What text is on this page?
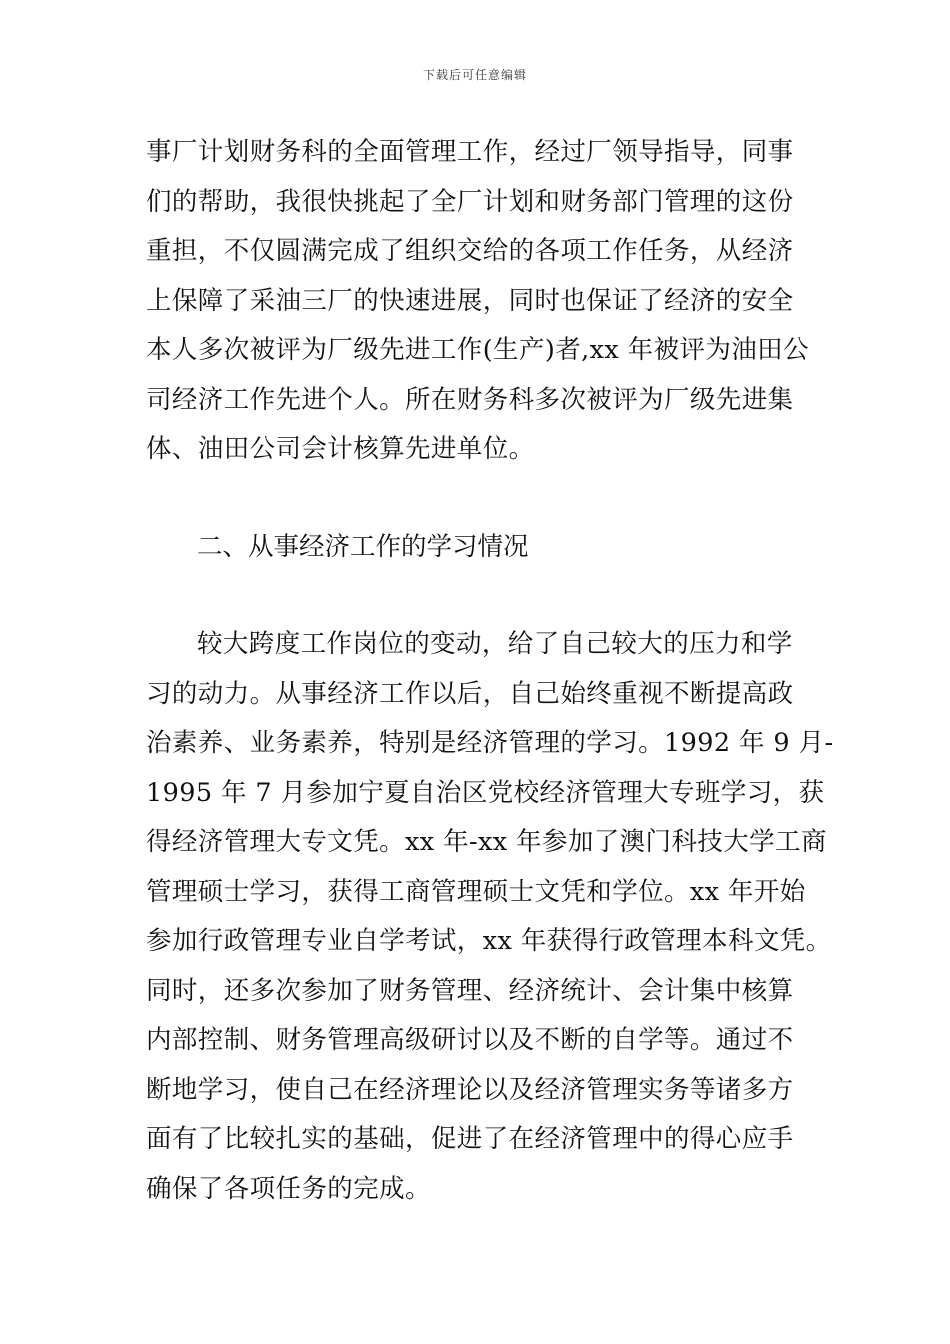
下载后可任意编辑
事厂计划财务科的全面管理工作，经过厂领导指导，同事
们的帮助，我很快挑起了全厂计划和财务部门管理的这份
重担，不仅圆满完成了组织交给的各项工作任务，从经济
上保障了采油三厂的快速进展，同时也保证了经济的安全
本人多次被评为厂级先进工作(生产)者,xx 年被评为油田公
司经济工作先进个人。所在财务科多次被评为厂级先进集
体、油田公司会计核算先进单位。
二、从事经济工作的学习情况
较大跨度工作岗位的变动，给了自己较大的压力和学
习的动力。从事经济工作以后，自己始终重视不断提高政
治素养、业务素养，特别是经济管理的学习。1992 年 9 月-
1995 年 7 月参加宁夏自治区党校经济管理大专班学习，获
得经济管理大专文凭。xx 年-xx 年参加了澳门科技大学工商
管理硕士学习，获得工商管理硕士文凭和学位。xx 年开始
参加行政管理专业自学考试，xx 年获得行政管理本科文凭。
同时，还多次参加了财务管理、经济统计、会计集中核算
内部控制、财务管理高级研讨以及不断的自学等。通过不
断地学习，使自己在经济理论以及经济管理实务等诸多方
面有了比较扎实的基础，促进了在经济管理中的得心应手
确保了各项任务的完成。
